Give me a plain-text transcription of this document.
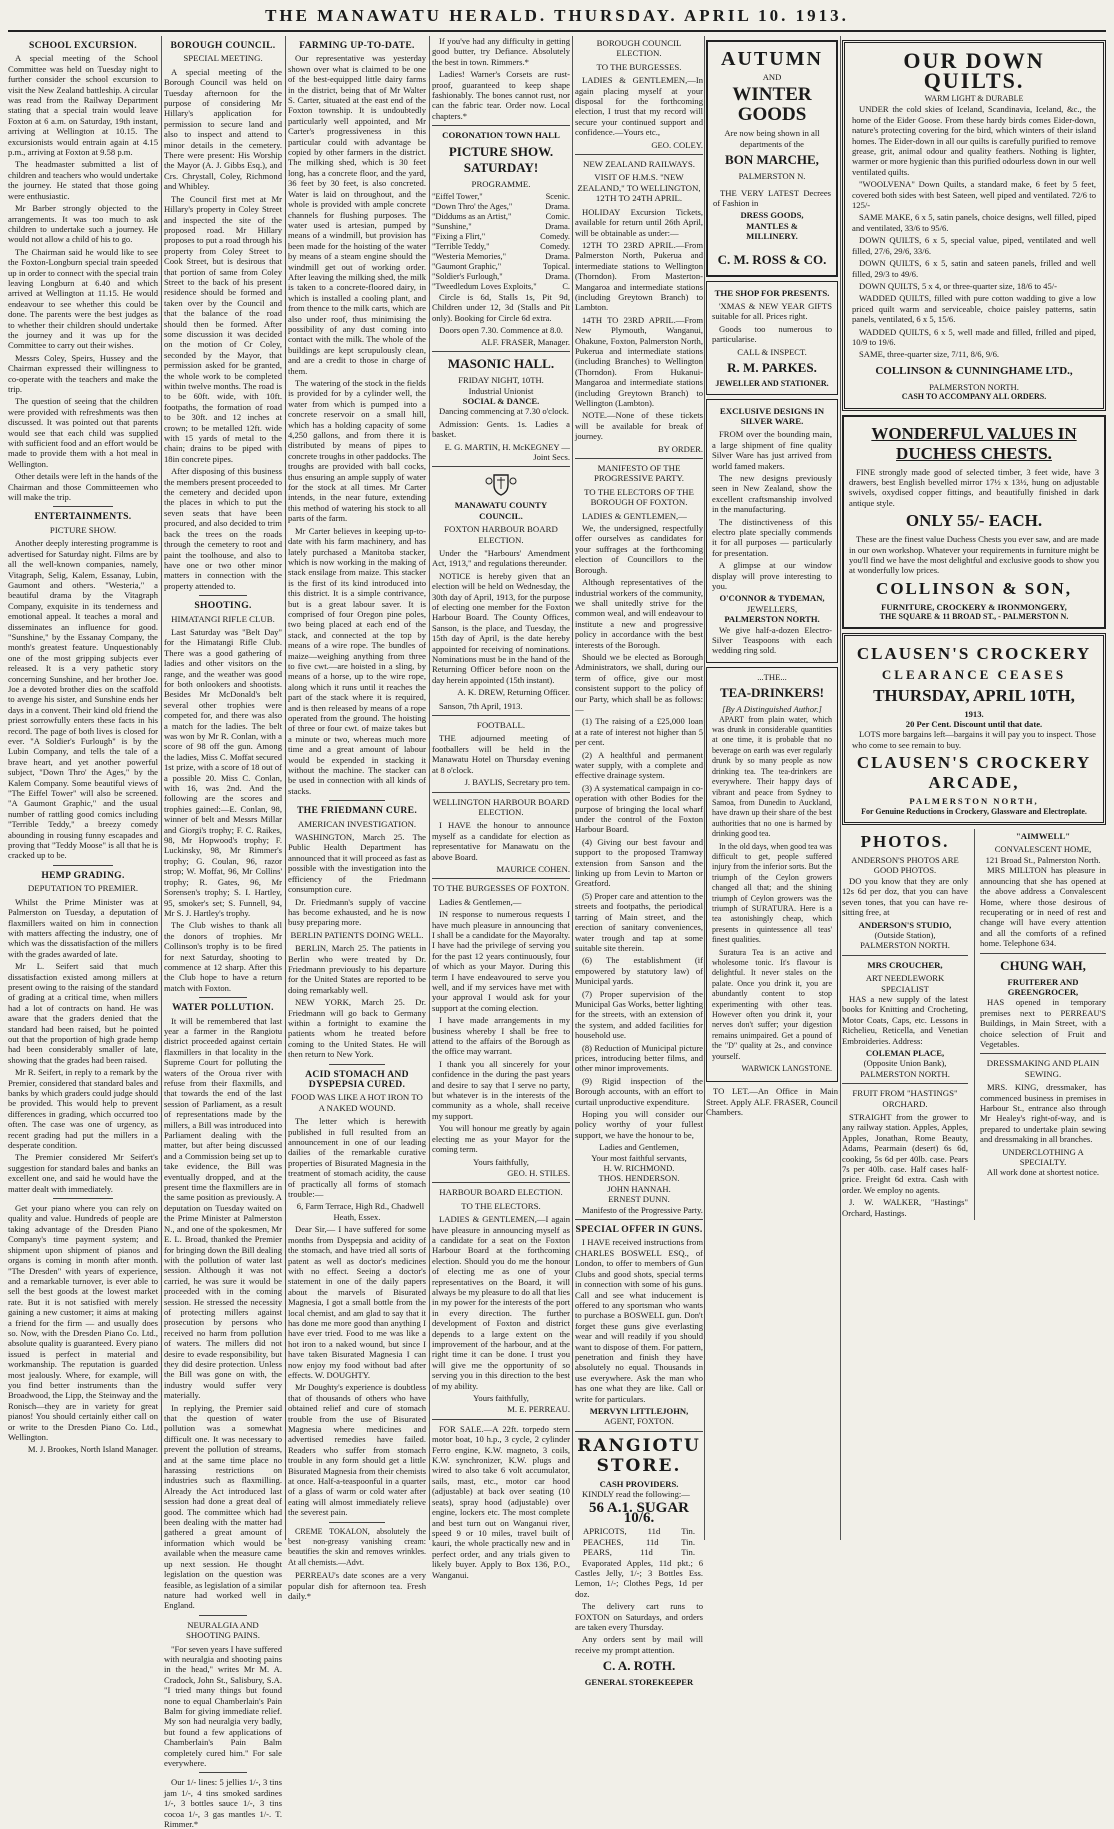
THE MANAWATU HERALD. THURSDAY. APRIL 10. 1913.
SCHOOL EXCURSION.

A special meeting of the School Committee was held on Tuesday night to further consider the school excursion to visit the New Zealand battleship. A circular was read from the Railway Department stating that a special train would leave Foxton at 6 a.m. on Saturday, 19th instant, arriving at Wellington at 10.15. The excursionists would entrain again at 4.15 p.m., arriving at Foxton at 9.58 p.m.

The headmaster submitted a list of children and teachers who would undertake the journey. He stated that those going were enthusiastic.

Mr Barber strongly objected to the arrangements. It was too much to ask children to undertake such a journey. He would not allow a child of his to go.

The Chairman said he would like to see the Foxton-Longburn special train speeded up in order to connect with the special train leaving Longburn at 6.40 and which arrived at Wellington at 11.15. He would endeavour to see whether this could be done. The parents were the best judges as to whether their children should undertake the journey and it was up for the Committee to carry out their wishes.

Messrs Coley, Speirs, Hussey and the Chairman expressed their willingness to co-operate with the teachers and make the trip.

The question of seeing that the children were provided with refreshments was then discussed. It was pointed out that parents would see that each child was supplied with sufficient food and an effort would be made to provide them with a hot meal in Wellington.

Other details were left in the hands of the Chairman and those Committeemen who will make the trip.

ENTERTAINMENTS.
PICTURE SHOW.

Another deeply interesting programme is advertised for Saturday night. Films are by all the well-known companies, namely, Vitagraph, Selig, Kalem, Essanay, Lubin, Gaumont and others. "Westeria," a beautiful drama by the Vitagraph Company, exquisite in its tenderness and emotional appeal. It teaches a moral and disseminates an influence for good. "Sunshine," by the Essanay Company, the month's greatest feature. Unquestionably one of the most gripping subjects ever released. It is a very pathetic story concerning Sunshine, and her brother Joe. Joe a devoted brother dies on the scaffold to avenge his sister, and Sunshine ends her days in a convent. Their kind old friend the priest sorrowfully enters these facts in his record. The page of both lives is closed for ever. "A Soldier's Furlough" is by the Lubin Company, and tells the tale of a brave heart, and yet another powerful subject, "Down Thro' the Ages," by the Kalem Company. Some beautiful views of "The Eiffel Tower" will also be screened. "A Gaumont Graphic," and the usual number of rattling good comics including "Terrible Teddy," a breezy comedy abounding in rousing funny escapades and proving that "Teddy Moose" is all that he is cracked up to be.

HEMP GRADING.
DEPUTATION TO PREMIER.

Whilst the Prime Minister was at Palmerston on Tuesday, a deputation of flaxmillers waited on him in connection with matters affecting the industry, one of which was the dissatisfaction of the millers with the grades awarded of late.

Mr L. Seifert said that much dissatisfaction existed among millers at present owing to the raising of the standard of grading at a critical time, when millers had a lot of contracts on hand. He was aware that the graders denied that the standard had been raised, but he pointed out that the proportion of high grade hemp had been considerably smaller of late, showing that the grades had been raised.

Mr R. Seifert, in reply to a remark by the Premier, considered that standard bales and banks by which graders could judge should be provided. This would help to prevent differences in grading, which occurred too often. The case was one of urgency, as recent grading had put the millers in a desperate condition.

The Premier considered Mr Seifert's suggestion for standard bales and banks an excellent one, and said he would have the matter dealt with immediately.

Get your piano where you can rely on quality and value. Hundreds of people are taking advantage of the Dresden Piano Company's time payment system; and shipment upon shipment of pianos and organs is coming in month after month. "The Dresden" with years of experience, and a remarkable turnover, is ever able to sell the best goods at the lowest market rate. But it is not satisfied with merely gaining a new customer; it aims at making a friend for the firm — and usually does so. Now, with the Dresden Piano Co. Ltd., absolute quality is guaranteed. Every piano issued is perfect in material and workmanship. The reputation is guarded most jealously. Where, for example, will you find better instruments than the Broadwood, the Lipp, the Steinway and the Ronisch—they are in variety for great pianos! You should certainly either call on or write to the Dresden Piano Co. Ltd., Wellington.

M. J. Brookes, North Island Manager.
BOROUGH COUNCIL.
SPECIAL MEETING.

A special meeting of the Borough Council was held on Tuesday afternoon for the purpose of considering Mr Hillary's application for permission to secure land and also to inspect and attend to minor details in the cemetery. There were present: His Worship the Mayor (A. J. Gibbs Esq.), and Crs. Chrystall, Coley, Richmond and Whibley.

The Council first met at Mr Hillary's property in Coley Street and inspected the site of the proposed road. Mr Hillary proposes to put a road through his property from Coley Street to Cook Street, but is desirous that that portion of same from Coley Street to the back of his present residence should be formed and taken over by the Council and that the balance of the road should then be formed. After some discussion it was decided on the motion of Cr Coley, seconded by the Mayor, that permission asked for be granted, the whole work to be completed within twelve months. The road is to be 60ft. wide, with 10ft. footpaths, the formation of road to be 30ft. and 12 inches at crown; to be metalled 12ft. wide with 15 yards of metal to the chain; drains to be piped with 18in concrete pipes.

After disposing of this business the members present proceeded to the cemetery and decided upon the places in which to put the seven seats that have been procured, and also decided to trim back the trees on the roads through the cemetery to root and paint the toolhouse, and also to have one or two other minor matters in connection with the property attended to.

SHOOTING.
HIMATANGI RIFLE CLUB.

Last Saturday was "Belt Day" for the Himatangi Rifle Club. There was a good gathering of ladies and other visitors on the range, and the weather was good for both onlookers and shootists. Besides Mr McDonald's belt several other trophies were competed for, and there was also a match for the ladies. The belt was won by Mr R. Conlan, with a score of 98 off the gun. Among the ladies, Miss C. Moffat secured 1st prize, with a score of 18 out of a possible 20. Miss C. Conlan, with 16, was 2nd. And the following are the scores and trophies gained:—E. Conlan, 98, winner of belt and Messrs Millar and Giorgi's trophy; F. C. Raikes, 98, Mr Hopwood's trophy; F. Luckinsky, 98, Mr Rimmer's trophy; G. Coulan, 96, razor strop; W. Moffat, 96, Mr Collins' trophy; R. Gates, 96, Mr Sorensen's trophy; S. I. Hartley, 95, smoker's set; S. Funnell, 94, Mr S. J. Hartley's trophy.

The Club wishes to thank all the donors of trophies. Mr Collinson's trophy is to be fired for next Saturday, shooting to commence at 12 sharp. After this the Club hope to have a return match with Foxton.

WATER POLLUTION.

It will be remembered that last year a farmer in the Rangiotu district proceeded against certain flaxmillers in that locality in the Supreme Court for polluting the waters of the Oroua river with refuse from their flaxmills, and that towards the end of the last session of Parliament, as a result of representations made by the millers, a Bill was introduced into Parliament dealing with the matter, but after being discussed and a Commission being set up to take evidence, the Bill was eventually dropped, and at the present time the flaxmillers are in the same position as previously. A deputation on Tuesday waited on the Prime Minister at Palmerston N., and one of the spokesmen, Mr E. L. Broad, thanked the Premier for bringing down the Bill dealing with the pollution of water last session. Although it was not carried, he was sure it would be proceeded with in the coming session. He stressed the necessity of protecting millers against prosecution by persons who received no harm from pollution of waters. The millers did not desire to evade responsibility, but they did desire protection. Unless the Bill was gone on with, the industry would suffer very materially.

In replying, the Premier said that the question of water pollution was a somewhat difficult one. It was necessary to prevent the pollution of streams, and at the same time place no harassing restrictions on industries such as flaxmilling. Already the Act introduced last session had done a great deal of good. The committee which had been dealing with the matter had gathered a great amount of information which would be available when the measure came up next session. He thought legislation on the question was feasible, as legislation of a similar nature had worked well in England.

NEURALGIA AND SHOOTING PAINS.

"For seven years I have suffered with neuralgia and shooting pains in the head," writes Mr M. A. Cradock, John St., Salisbury, S.A. "I tried many things but found none to equal Chamberlain's Pain Balm for giving immediate relief. My son had neuralgia very badly, but found a few applications of Chamberlain's Pain Balm completely cured him." For sale everywhere.

Our 1/- lines: 5 jellies 1/-, 3 tins jam 1/-, 4 tins smoked sardines 1/-, 3 bottles sauce 1/-, 3 tins cocoa 1/-, 3 gas mantles 1/-. T. Rimmer.*

FARMING UP-TO-DATE.

Our representative was yesterday shown over what is claimed to be one of the best-equipped little dairy farms in the district, being that of Mr Walter S. Carter, situated at the east end of the Foxton township. It is undoubtedly particularly well appointed, and Mr Carter's progressiveness in this particular could with advantage be copied by other farmers in the district. The milking shed, which is 30 feet long, has a concrete floor, and the yard, 36 feet by 30 feet, is also concreted. Water is laid on throughout, and the whole is provided with ample concrete channels for flushing purposes. The water used is artesian, pumped by means of a windmill, but provision has been made for the hoisting of the water by means of a steam engine should the windmill get out of working order. After leaving the milking shed, the milk is taken to a concrete-floored dairy, in which is installed a cooling plant, and from thence to the milk carts, which are also under roof, thus minimising the possibility of any dust coming into contact with the milk. The whole of the buildings are kept scrupulously clean, and are a credit to those in charge of them.

The watering of the stock in the fields is provided for by a cylinder well, the water from which is pumped into a concrete reservoir on a small hill, which has a holding capacity of some 4,250 gallons, and from there it is distributed by means of pipes to concrete troughs in other paddocks. The troughs are provided with ball cocks, thus ensuring an ample supply of water for the stock at all times. Mr Carter intends, in the near future, extending this method of watering his stock to all parts of the farm.

Mr Carter believes in keeping up-to-date with his farm machinery, and has lately purchased a Manitoba stacker, which is now working in the making of stack ensilage from maize. This stacker is the first of its kind introduced into this district. It is a simple contrivance, but is a great labour saver. It is comprised of four Oregon pine poles, two being placed at each end of the stack, and connected at the top by means of a wire rope. The bundles of maize—weighing anything from three to five cwt.—are hoisted in a sling, by means of a horse, up to the wire rope, along which it runs until it reaches the part of the stack where it is required, and is then released by means of a rope operated from the ground. The hoisting of three or four cwt. of maize takes but a minute or two, whereas much more time and a great amount of labour would be expended in stacking it without the machine. The stacker can be used in connection with all kinds of stacks.

THE FRIEDMANN CURE.
AMERICAN INVESTIGATION.

WASHINGTON, March 25. The Public Health Department has announced that it will proceed as fast as possible with the investigation into the efficiency of the Friedmann consumption cure.

Dr. Friedmann's supply of vaccine has become exhausted, and he is now busy preparing more.

BERLIN PATIENTS DOING WELL.

BERLIN, March 25. The patients in Berlin who were treated by Dr. Friedmann previously to his departure for the United States are reported to be doing remarkably well.

NEW YORK, March 25. Dr. Friedmann will go back to Germany within a fortnight to examine the patients whom he treated before coming to the United States. He will then return to New York.

ACID STOMACH AND DYSPEPSIA CURED.
FOOD WAS LIKE A HOT IRON TO A NAKED WOUND.

The letter which is herewith published in full resulted from an announcement in one of our leading dailies of the remarkable curative properties of Bisurated Magnesia in the treatment of stomach acidity, the cause of practically all forms of stomach trouble:—

6, Farm Terrace, High Rd., Chadwell Heath, Essex.

Dear Sir,— I have suffered for some months from Dyspepsia and acidity of the stomach, and have tried all sorts of patent as well as doctor's medicines with no effect. Seeing a doctor's statement in one of the daily papers about the marvels of Bisurated Magnesia, I got a small bottle from the local chemist, and am glad to say that it has done me more good than anything I have ever tried. Food to me was like a hot iron to a naked wound, but since I have taken Bisurated Magnesia I can now enjoy my food without bad after effects. W. DOUGHTY.

Mr Doughty's experience is doubtless that of thousands of others who have obtained relief and cure of stomach trouble from the use of Bisurated Magnesia where medicines and advertised remedies have failed. Readers who suffer from stomach trouble in any form should get a little Bisurated Magnesia from their chemists at once. Half-a-teaspoonful in a quarter of a glass of warm or cold water after eating will almost immediately relieve the severest pain.

CREME TOKALON, absolutely the best non-greasy vanishing cream: beautifies the skin and removes wrinkles. At all chemists.—Advt.

PERREAU's date scones are a very popular dish for afternoon tea. Fresh daily.*

If you've had any difficulty in getting good butter, try Defiance. Absolutely the best in town. Rimmers.*

Ladies! Warner's Corsets are rust-proof, guaranteed to keep shape fashionably. The bones cannot rust, nor can the fabric tear. Order now. Local chapters.*

CORONATION TOWN HALL
PICTURE SHOW. SATURDAY!
PROGRAMME.
"Eiffel Tower,"	Scenic.
"Down Thro' the Ages,"	Drama.
"Diddums as an Artist,"	Comic.
"Sunshine,"	Drama.
"Fixing a Flirt,"	Comedy.
"Terrible Teddy,"	Comedy.
"Westeria Memories,"	Drama.
"Gaumont Graphic,"	Topical.
"Soldier's Furlough,"	Drama.
"Tweedledum Loves Exploits,"	C.

Circle is 6d, Stalls 1s, Pit 9d, Children under 12, 3d (Stalls and Pit only). Booking for Circle 6d extra.

Doors open 7.30. Commence at 8.0.
ALF. FRASER, Manager.
MASONIC HALL.
FRIDAY NIGHT, 10TH.
Industrial Unionist
SOCIAL & DANCE.

Dancing commencing at 7.30 o'clock.

Admission: Gents. 1s. Ladies a basket.

E. G. MARTIN, H. McKEGNEY — Joint Secs.
MANAWATU COUNTY COUNCIL.
FOXTON HARBOUR BOARD ELECTION.

Under the "Harbours' Amendment Act, 1913," and regulations thereunder.

NOTICE is hereby given that an election will be held on Wednesday, the 30th day of April, 1913, for the purpose of electing one member for the Foxton Harbour Board. The County Offices, Sanson, is the place, and Tuesday, the 15th day of April, is the date hereby appointed for receiving of nominations. Nominations must be in the hand of the Returning Officer before noon on the day herein appointed (15th instant).

A. K. DREW, Returning Officer.

Sanson, 7th April, 1913.

FOOTBALL.

THE adjourned meeting of footballers will be held in the Manawatu Hotel on Thursday evening at 8 o'clock.

J. BAYLIS, Secretary pro tem.
WELLINGTON HARBOUR BOARD ELECTION.

I HAVE the honour to announce myself as a candidate for election as representative for Manawatu on the above Board.

MAURICE COHEN.
TO THE BURGESSES OF FOXTON.

Ladies & Gentlemen,—

IN response to numerous requests I have much pleasure in announcing that I shall be a candidate for the Mayoralty. I have had the privilege of serving you for the past 12 years continuously, four of which as your Mayor. During this term I have endeavoured to serve you well, and if my services have met with your approval I would ask for your support at the coming election.

I have made arrangements in my business whereby I shall be free to attend to the affairs of the Borough as the office may warrant.

I thank you all sincerely for your confidence in the during the past years and desire to say that I serve no party, but whatever is in the interests of the community as a whole, shall receive my support.

You will honour me greatly by again electing me as your Mayor for the coming term.

Yours faithfully,
GEO. H. STILES.
HARBOUR BOARD ELECTION.
TO THE ELECTORS.

LADIES & GENTLEMEN,—I again have pleasure in announcing myself as a candidate for a seat on the Foxton Harbour Board at the forthcoming election. Should you do me the honour of electing me as one of your representatives on the Board, it will always be my pleasure to do all that lies in my power for the interests of the port in every direction. The further development of Foxton and district depends to a large extent on the improvement of the harbour, and at the right time it can be done. I trust you will give me the opportunity of so serving you in this direction to the best of my ability.

Yours faithfully,
M. E. PERREAU.

FOR SALE.—A 22ft. torpedo stern motor boat, 10 h.p., 3 cycle, 2 cylinder Ferro engine, K.W. magneto, 3 coils, K.W. synchronizer, K.W. plugs and wired to also take 6 volt accumulator, sails, mast, etc., motor car hood (adjustable) at back over seating (10 seats), spray hood (adjustable) over engine, lockers etc. The most complete and best turn out on Wanganui river, speed 9 or 10 miles, travel built of kauri, the whole practically new and in perfect order, and any trials given to likely buyer. Apply to Box 136, P.O., Wanganui.

BOROUGH COUNCIL ELECTION.
TO THE BURGESSES.

LADIES & GENTLEMEN,—In again placing myself at your disposal for the forthcoming election, I trust that my record will secure your continued support and confidence.—Yours etc.,

GEO. COLEY.
NEW ZEALAND RAILWAYS.
VISIT OF H.M.S. "NEW ZEALAND," TO WELLINGTON, 12TH TO 24TH APRIL.

HOLIDAY Excursion Tickets, available for return until 26th April, will be obtainable as under:—

12TH TO 23RD APRIL.—From Palmerston North, Pukerua and intermediate stations to Wellington (Thorndon). From Masterton-Mangaroa and intermediate stations (including Greytown Branch) to Lambton.

14TH TO 23RD APRIL.—From New Plymouth, Wanganui, Ohakune, Foxton, Palmerston North, Pukerua and intermediate stations (including Branches) to Wellington (Thorndon). From Hukanui-Mangaroa and intermediate stations (including Greytown Branch) to Wellington (Lambton).

NOTE.—None of these tickets will be available for break of journey.

BY ORDER.
MANIFESTO OF THE PROGRESSIVE PARTY.
TO THE ELECTORS OF THE BOROUGH OF FOXTON.

LADIES & GENTLEMEN,—

We, the undersigned, respectfully offer ourselves as candidates for your suffrages at the forthcoming election of Councillors to the Borough.

Although representatives of the industrial workers of the community, we shall unitedly strive for the common weal, and will endeavour to institute a new and progressive policy in accordance with the best interests of the Borough.

Should we be elected as Borough Administrators, we shall, during our term of office, give our most consistent support to the policy of our Party, which shall be as follows:—

(1) The raising of a £25,000 loan at a rate of interest not higher than 5 per cent.

(2) A healthful and permanent water supply, with a complete and effective drainage system.

(3) A systematical campaign in co-operation with other Bodies for the purpose of bringing the local wharf under the control of the Foxton Harbour Board.

(4) Giving our best favour and support to the proposed Tramway extension from Sanson and the linking up from Levin to Marton or Greatford.

(5) Proper care and attention to the streets and footpaths, the periodical tarring of Main street, and the erection of sanitary conveniences, water trough and tap at some suitable site therein.

(6) The establishment (if empowered by statutory law) of Municipal yards.

(7) Proper supervision of the Municipal Gas Works, better lighting for the streets, with an extension of the system, and added facilities for household use.

(8) Reduction of Municipal picture prices, introducing better films, and other minor improvements.

(9) Rigid inspection of the Borough accounts, with an effort to curtail unproductive expenditure.

Hoping you will consider our policy worthy of your fullest support, we have the honour to be,

Ladies and Gentlemen,
Your most faithful servants,
H. W. RICHMOND.
THOS. HENDERSON.
JOHN HANNAH.
ERNEST DUNN.

Manifesto of the Progressive Party.

SPECIAL OFFER IN GUNS.

I HAVE received instructions from CHARLES BOSWELL ESQ., of London, to offer to members of Gun Clubs and good shots, special terms in connection with some of his guns. Call and see what inducement is offered to any sportsman who wants to purchase a BOSWELL gun. Don't forget these guns give everlasting wear and will readily if you should want to dispose of them. For pattern, penetration and finish they have absolutely no equal. Thousands in use everywhere. Ask the man who has one what they are like. Call or write for particulars.

MERVYN LITTLEJOHN,
AGENT, FOXTON.
RANGIOTU STORE.
CASH PROVIDERS.

KINDLY read the following:—

56 A.1. SUGAR 10/6.
APRICOTS, 11d Tin.
PEACHES,	11d	Tin.
PEARS,	11d	Tin.

Evaporated Apples, 11d pkt.; 6 Castles Jelly, 1/-; 3 Bottles Ess. Lemon, 1/-; Clothes Pegs, 1d per doz.

The delivery cart runs to FOXTON on Saturdays, and orders are taken every Thursday.

Any orders sent by mail will receive my prompt attention.

C. A. ROTH.
GENERAL STOREKEEPER
AUTUMN
AND
WINTER GOODS
Are now being shown in all departments of the
BON MARCHE,
PALMERSTON N.

THE VERY LATEST Decrees of Fashion in

DRESS GOODS,
MANTLES &
MILLINERY.
C. M. ROSS & CO.
THE SHOP FOR PRESENTS.

'XMAS & NEW YEAR GIFTS suitable for all. Prices right.

Goods too numerous to particularise.

CALL & INSPECT.
R. M. PARKES.
JEWELLER AND STATIONER.
EXCLUSIVE DESIGNS IN SILVER WARE.

FROM over the bounding main, a large shipment of fine quality Silver Ware has just arrived from world famed makers.

The new designs previously seen in New Zealand, show the excellent craftsmanship involved in the manufacturing.

The distinctiveness of this electro plate specially commends it for all purposes — particularly for presentation.

A glimpse at our window display will prove interesting to you.

O'CONNOR & TYDEMAN,
JEWELLERS,
PALMERSTON NORTH.

We give half-a-dozen Electro-Silver Teaspoons with each wedding ring sold.

...THE...
TEA-DRINKERS!
[By A Distinguished Author.]

APART from plain water, which was drunk in considerable quantities at one time, it is probable that no beverage on earth was ever regularly drunk by so many people as now drinking tea. The tea-drinkers are everywhere. Their happy days of vibrant and peace from Sydney to Samoa, from Dunedin to Auckland, have drawn up their share of the best authorities that no one is harmed by drinking good tea.

In the old days, when good tea was difficult to get, people suffered injury from the inferior sorts. But the triumph of the Ceylon growers changed all that; and the shining triumph of Ceylon growers was the triumph of SURATURA. Here is a tea astonishingly cheap, which presents in quintessence all teas' finest qualities.

Suratura Tea is an active and wholesome tonic. It's flavour is delightful. It never stales on the palate. Once you drink it, you are abundantly content to stop experimenting with other teas. However often you drink it, your nerves don't suffer; your digestion remains unimpaired. Get a pound of the "D" quality at 2s., and convince yourself.

WARWICK LANGSTONE.

TO LET.—An Office in Main Street. Apply ALF. FRASER, Council Chambers.

OUR DOWN QUILTS.
WARM LIGHT & DURABLE

UNDER the cold skies of Iceland, Scandinavia, Iceland, &c., the home of the Eider Goose. From these hardy birds comes Eider-down, nature's protecting covering for the bird, which winters of their island homes. The Eider-down in all our quilts is carefully purified to remove grease, grit, animal odour and quality feathers. Nothing is lighter, warmer or more hygienic than this purified odourless down in our well ventilated quilts.

"WOOLVENA" Down Quilts, a standard make, 6 feet by 5 feet, covered both sides with best Sateen, well piped and ventilated. 72/6 to 125/-

SAME MAKE, 6 x 5, satin panels, choice designs, well filled, piped and ventilated, 33/6 to 95/6.

DOWN QUILTS, 6 x 5, special value, piped, ventilated and well filled, 27/6, 29/6, 33/6.

DOWN QUILTS, 6 x 5, satin and sateen panels, frilled and well filled, 29/3 to 49/6.

DOWN QUILTS, 5 x 4, or three-quarter size, 18/6 to 45/-

WADDED QUILTS, filled with pure cotton wadding to give a low priced quilt warm and serviceable, choice paisley patterns, satin panels, ventilated, 6 x 5, 15/6.

WADDED QUILTS, 6 x 5, well made and filled, frilled and piped, 10/9 to 19/6.

SAME, three-quarter size, 7/11, 8/6, 9/6.

COLLINSON & CUNNINGHAME LTD.,
PALMERSTON NORTH.
CASH TO ACCOMPANY ALL ORDERS.
WONDERFUL VALUES IN DUCHESS CHESTS.

FINE strongly made good of selected timber, 3 feet wide, have 3 drawers, best English bevelled mirror 17½ x 13½, hung on adjustable swivels, oxydised copper fittings, and beautifully finished in dark antique style.

ONLY 55/- EACH.

These are the finest value Duchess Chests you ever saw, and are made in our own workshop. Whatever your requirements in furniture might be you'll find we have the most delightful and exclusive goods to show you at wonderfully low prices.

COLLINSON & SON,
FURNITURE, CROCKERY & IRONMONGERY,
THE SQUARE & 11 BROAD ST., - PALMERSTON N.
CLAUSEN'S CROCKERY
CLEARANCE CEASES
THURSDAY, APRIL 10TH,
1913.
20 Per Cent. Discount until that date.

LOTS more bargains left—bargains it will pay you to inspect. Those who come to see remain to buy.

CLAUSEN'S CROCKERY ARCADE,
PALMERSTON NORTH,
For Genuine Reductions in Crockery, Glassware and Electroplate.
PHOTOS.
ANDERSON'S PHOTOS ARE GOOD PHOTOS.

DO you know that they are only 12s 6d per doz, that you can have seven tones, that you can have re-sitting free, at

ANDERSON'S STUDIO,
(Outside Station),
PALMERSTON NORTH.
MRS CROUCHER,
ART NEEDLEWORK SPECIALIST

HAS a new supply of the latest books for Knitting and Crocheting, Motor Coats, Caps, etc. Lessons in Richelieu, Reticella, and Venetian Embroideries. Address:

COLEMAN PLACE,
(Opposite Union Bank),
PALMERSTON NORTH.
FRUIT FROM "HASTINGS" ORCHARD.

STRAIGHT from the grower to any railway station. Apples, Apples, Apples, Jonathan, Rome Beauty, Adams, Pearmain (desert) 6s 6d, cooking, 5s 6d per 40lb. case. Pears 7s per 40lb. case. Half cases half-price. Freight 6d extra. Cash with order. We employ no agents.

J. W. WALKER, "Hastings" Orchard, Hastings.

"AIMWELL"
CONVALESCENT HOME,
121 Broad St., Palmerston North.

MRS MILLTON has pleasure in announcing that she has opened at the above address a Convalescent Home, where those desirous of recuperating or in need of rest and change will have every attention and all the comforts of a refined home. Telephone 634.

CHUNG WAH,
FRUITERER AND GREENGROCER,

HAS opened in temporary premises next to PERREAU'S Buildings, in Main Street, with a choice selection of Fruit and Vegetables.

DRESSMAKING AND PLAIN SEWING.

MRS. KING, dressmaker, has commenced business in premises in Harbour St., entrance also through Mr Healey's right-of-way, and is prepared to undertake plain sewing and dressmaking in all branches.

UNDERCLOTHING A SPECIALTY.
All work done at shortest notice.
